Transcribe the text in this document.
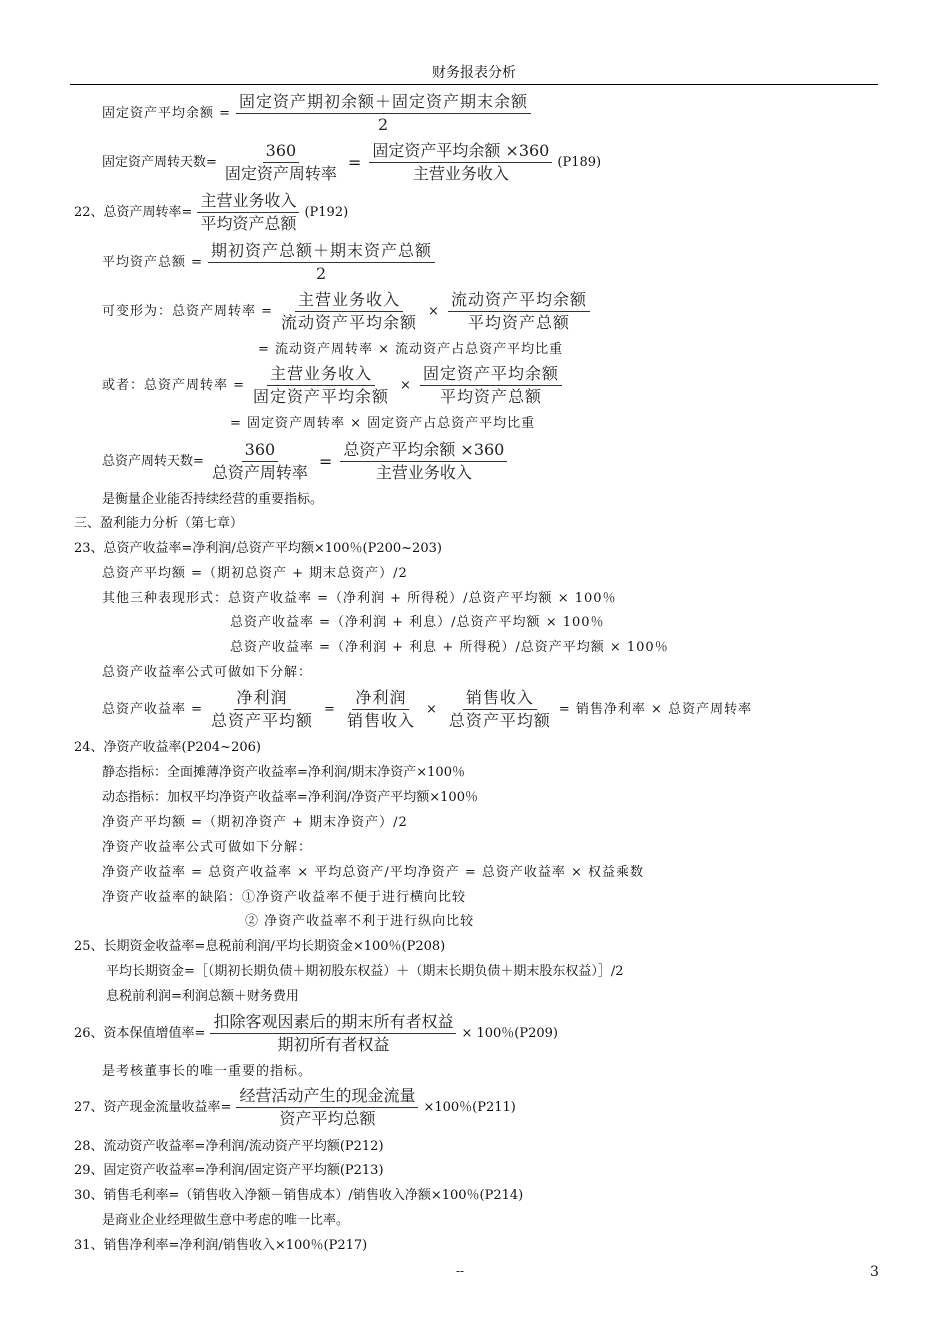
财务报表分析
固定资产平均余额 = $\frac{\text{固定资产期初余额＋固定资产期末余额}}{2}$
固定资产周转天数= $\frac{360}{\text{固定资产周转率}} = \frac{\text{固定资产平均余额 ×360}}{\text{主营业务收入}} (P189)$
22、总资产周转率= $\frac{\text{主营业务收入}}{\text{平均资产总额}} (P192)$
平均资产总额 = $\frac{\text{期初资产总额＋期末资产总额}}{2}$
可变形为：总资产周转率 = $\frac{\text{主营业务收入}}{\text{流动资产平均余额}} \times \frac{\text{流动资产平均余额}}{\text{平均资产总额}}$
= 流动资产周转率 × 流动资产占总资产平均比重
或者：总资产周转率 = $\frac{\text{主营业务收入}}{\text{固定资产平均余额}} \times \frac{\text{固定资产平均余额}}{\text{平均资产总额}}$
= 固定资产周转率 × 固定资产占总资产平均比重
总资产周转天数= $\frac{360}{\text{总资产周转率}} = \frac{\text{总资产平均余额 ×360}}{\text{主营业务收入}}$
是衡量企业能否持续经营的重要指标。
三、盈利能力分析（第七章）
23、总资产收益率=净利润/总资产平均额×100％(P200~203)
总资产平均额 =（期初总资产 + 期末总资产）/2
其他三种表现形式：总资产收益率 =（净利润 + 所得税）/总资产平均额 × 100％
总资产收益率 =（净利润 + 利息）/总资产平均额 × 100％
总资产收益率 =（净利润 + 利息 + 所得税）/总资产平均额 × 100％
总资产收益率公式可做如下分解：
总资产收益率 = $\frac{\text{净利润}}{\text{总资产平均额}} = \frac{\text{净利润}}{\text{销售收入}} \times \frac{\text{销售收入}}{\text{总资产平均额}}$ = 销售净利率 × 总资产周转率
24、净资产收益率(P204~206)
静态指标：全面摊薄净资产收益率=净利润/期末净资产×100％
动态指标：加权平均净资产收益率=净利润/净资产平均额×100％
净资产平均额 =（期初净资产 + 期末净资产）/2
净资产收益率公式可做如下分解：
净资产收益率 = 总资产收益率 × 平均总资产/平均净资产 = 总资产收益率 × 权益乘数
净资产收益率的缺陷：①净资产收益率不便于进行横向比较
② 净资产收益率不利于进行纵向比较
25、长期资金收益率=息税前利润/平均长期资金×100％(P208)
平均长期资金=［（期初长期负债＋期初股东权益）＋（期末长期负债＋期末股东权益）］/2
息税前利润=利润总额＋财务费用
26、资本保值增值率= $\frac{\text{扣除客观因素后的期末所有者权益}}{\text{期初所有者权益}} \times 100$％(P209)
是考核董事长的唯一重要的指标。
27、资产现金流量收益率= $\frac{\text{经营活动产生的现金流量}}{\text{资产平均总额}} \times 100$％(P211)
28、流动资产收益率=净利润/流动资产平均额(P212)
29、固定资产收益率=净利润/固定资产平均额(P213)
30、销售毛利率=（销售收入净额－销售成本）/销售收入净额×100％(P214)
是商业企业经理做生意中考虑的唯一比率。
31、销售净利率=净利润/销售收入×100％(P217)
--	3
